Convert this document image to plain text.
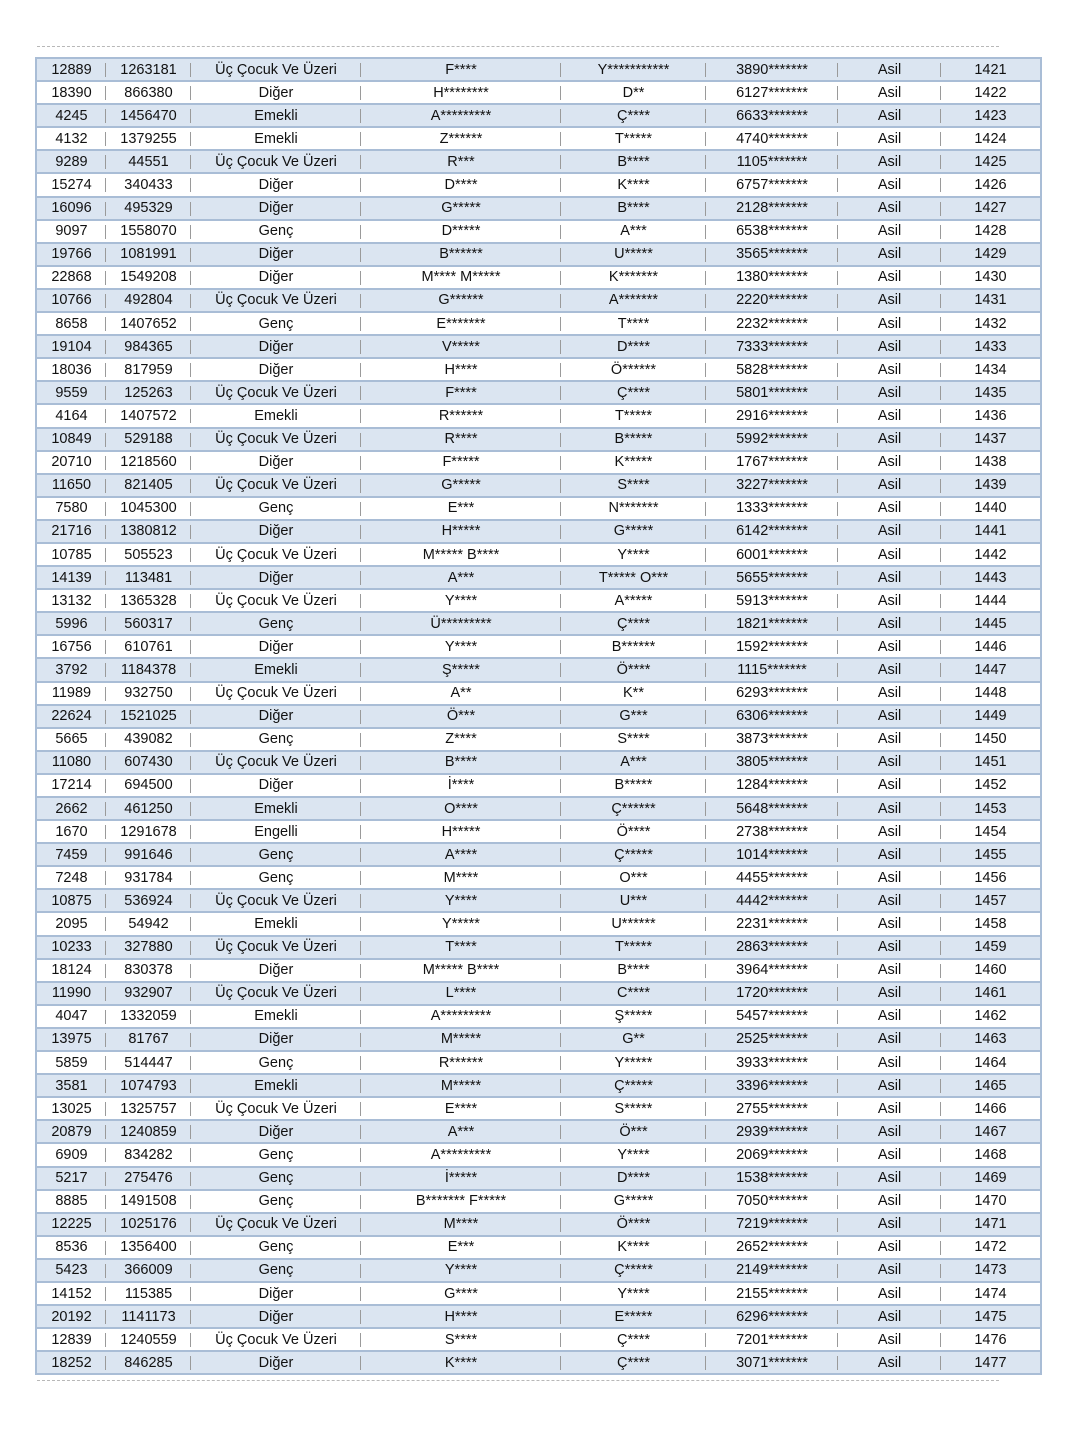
12889	1263181	Üç Çocuk Ve Üzeri	F****	Y***********	3890*******	Asil	1421
18390	866380	Diğer	H********	D**	6127*******	Asil	1422
4245	1456470	Emekli	A*********	Ç****	6633*******	Asil	1423
4132	1379255	Emekli	Z******	T*****	4740*******	Asil	1424
9289	44551	Üç Çocuk Ve Üzeri	R***	B****	1105*******	Asil	1425
15274	340433	Diğer	D****	K****	6757*******	Asil	1426
16096	495329	Diğer	G*****	B****	2128*******	Asil	1427
9097	1558070	Genç	D*****	A***	6538*******	Asil	1428
19766	1081991	Diğer	B******	U*****	3565*******	Asil	1429
22868	1549208	Diğer	M**** M*****	K*******	1380*******	Asil	1430
10766	492804	Üç Çocuk Ve Üzeri	G******	A*******	2220*******	Asil	1431
8658	1407652	Genç	E*******	T****	2232*******	Asil	1432
19104	984365	Diğer	V*****	D****	7333*******	Asil	1433
18036	817959	Diğer	H****	Ö******	5828*******	Asil	1434
9559	125263	Üç Çocuk Ve Üzeri	F****	Ç****	5801*******	Asil	1435
4164	1407572	Emekli	R******	T*****	2916*******	Asil	1436
10849	529188	Üç Çocuk Ve Üzeri	R****	B*****	5992*******	Asil	1437
20710	1218560	Diğer	F*****	K*****	1767*******	Asil	1438
11650	821405	Üç Çocuk Ve Üzeri	G*****	S****	3227*******	Asil	1439
7580	1045300	Genç	E***	N*******	1333*******	Asil	1440
21716	1380812	Diğer	H*****	G*****	6142*******	Asil	1441
10785	505523	Üç Çocuk Ve Üzeri	M***** B****	Y****	6001*******	Asil	1442
14139	113481	Diğer	A***	T***** O***	5655*******	Asil	1443
13132	1365328	Üç Çocuk Ve Üzeri	Y****	A*****	5913*******	Asil	1444
5996	560317	Genç	Ü*********	Ç****	1821*******	Asil	1445
16756	610761	Diğer	Y****	B******	1592*******	Asil	1446
3792	1184378	Emekli	Ş*****	Ö****	1115*******	Asil	1447
11989	932750	Üç Çocuk Ve Üzeri	A**	K**	6293*******	Asil	1448
22624	1521025	Diğer	Ö***	G***	6306*******	Asil	1449
5665	439082	Genç	Z****	S****	3873*******	Asil	1450
11080	607430	Üç Çocuk Ve Üzeri	B****	A***	3805*******	Asil	1451
17214	694500	Diğer	İ****	B*****	1284*******	Asil	1452
2662	461250	Emekli	O****	Ç******	5648*******	Asil	1453
1670	1291678	Engelli	H*****	Ö****	2738*******	Asil	1454
7459	991646	Genç	A****	Ç*****	1014*******	Asil	1455
7248	931784	Genç	M****	O***	4455*******	Asil	1456
10875	536924	Üç Çocuk Ve Üzeri	Y****	U***	4442*******	Asil	1457
2095	54942	Emekli	Y*****	U******	2231*******	Asil	1458
10233	327880	Üç Çocuk Ve Üzeri	T****	T*****	2863*******	Asil	1459
18124	830378	Diğer	M***** B****	B****	3964*******	Asil	1460
11990	932907	Üç Çocuk Ve Üzeri	L****	C****	1720*******	Asil	1461
4047	1332059	Emekli	A*********	Ş*****	5457*******	Asil	1462
13975	81767	Diğer	M*****	G**	2525*******	Asil	1463
5859	514447	Genç	R******	Y*****	3933*******	Asil	1464
3581	1074793	Emekli	M*****	Ç*****	3396*******	Asil	1465
13025	1325757	Üç Çocuk Ve Üzeri	E****	S*****	2755*******	Asil	1466
20879	1240859	Diğer	A***	Ö***	2939*******	Asil	1467
6909	834282	Genç	A*********	Y****	2069*******	Asil	1468
5217	275476	Genç	İ*****	D****	1538*******	Asil	1469
8885	1491508	Genç	B******* F*****	G*****	7050*******	Asil	1470
12225	1025176	Üç Çocuk Ve Üzeri	M****	Ö****	7219*******	Asil	1471
8536	1356400	Genç	E***	K****	2652*******	Asil	1472
5423	366009	Genç	Y****	Ç*****	2149*******	Asil	1473
14152	115385	Diğer	G****	Y****	2155*******	Asil	1474
20192	1141173	Diğer	H****	E*****	6296*******	Asil	1475
12839	1240559	Üç Çocuk Ve Üzeri	S****	Ç****	7201*******	Asil	1476
18252	846285	Diğer	K****	Ç****	3071*******	Asil	1477
